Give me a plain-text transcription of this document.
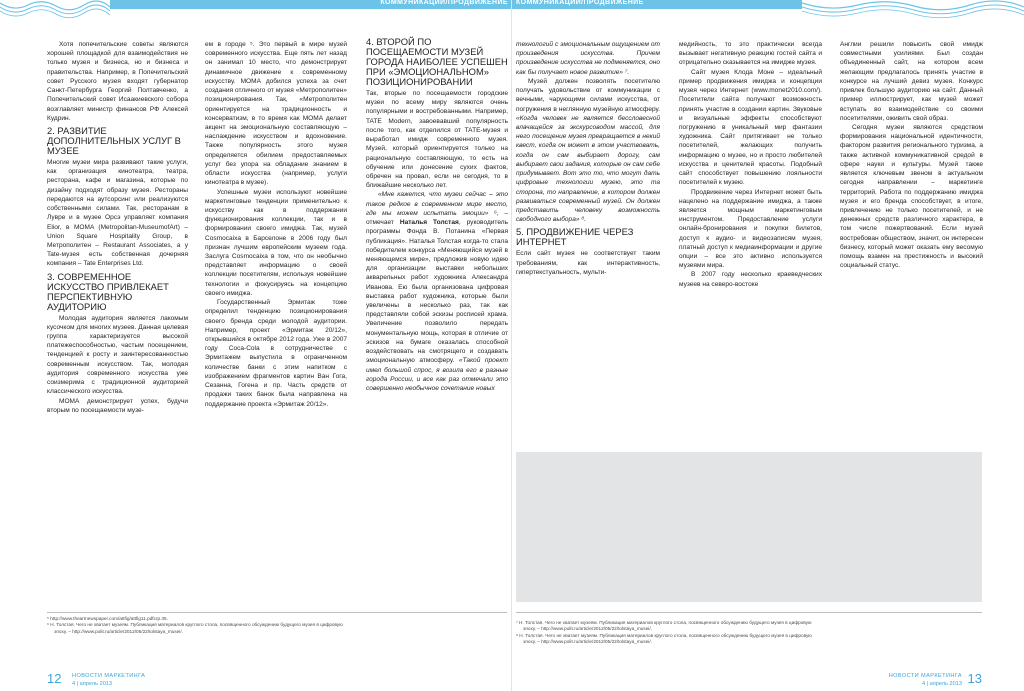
КОММУНИКАЦИИ/ПРОДВИЖЕНИЕ

Хотя попечительские советы являются хорошей площадкой для взаимодействия не только музея и бизнеса, но и бизнеса и правительства. Например, в Попечительский совет Русского музея входят губернатор Санкт-Петербурга Георгий Полтавченко, а Попечительский совет Исаакиевского собора возглавляет министр финансов РФ Алексей Кудрин.

2. РАЗВИТИЕ ДОПОЛНИТЕЛЬНЫХ УСЛУГ В МУЗЕЕ

Многие музеи мира развивают такие услуги, как организация кинотеатра, театра, ресторана, кафе и магазина, которые по дизайну подходят образу музея. Рестораны передаются на аутсорсинг или реализуются собственными силами. Так, ресторанам в Лувре и в музее Орсэ управляет компания Elior, в MOMA (Metropolitan-MuseumofArt) – Union Square Hospitality Group, в Метрополитен – Restaurant Associates, а у Tate-музея есть собственная дочерняя компания – Tate Enterprises Ltd.

3. СОВРЕМЕННОЕ ИСКУССТВО ПРИВЛЕКАЕТ ПЕРСПЕКТИВНУЮ АУДИТОРИЮ

Молодая аудитория является лакомым кусочком для многих музеев. Данная целевая группа характеризуется высокой платежеспособностью, частым посещением, тенденцией к росту и заинтересованностью современным искусством. Так, молодая аудитория современного искусства уже соизмерима с традиционной аудиторией классического искусства.

MOMA демонстрирует успех, будучи вторым по посещаемости музе-

ем в городе ⁵. Это первый в мире музей современного искусства. Еще пять лет назад он занимал 10 место, что демонстрирует динамичное движение к современному искусству. MOMA добился успеха за счет создания отличного от музея «Метрополитен» позиционирования. Так, «Метрополитен ориентируется на традиционность и консерватизм, в то время как MOMA делает акцент на эмоциональную составляющую – наслаждение искусством и вдохновение. Также популярность этого музея определяется обилием предоставляемых услуг без упора на обладание знанием в области искусства (например, услуги кинотеатра в музее).

Успешные музеи используют новейшие маркетинговые тенденции применительно к искусству как в поддержании функционирования коллекции, так и в формировании своего имиджа. Так, музей Cosmocaixa в Барселоне в 2006 году был признан лучшим европейским музеем года. Заслуга Cosmocaixa в том, что он необычно представляет информацию о своей коллекции посетителям, используя новейшие технологии и фокусируясь на концепцию своего имиджа.

Государственный Эрмитаж тоже определил тенденцию позиционирования своего бренда среди молодой аудитории. Например, проект «Эрмитаж 20/12», открывшийся в октябре 2012 года. Уже в 2007 году Coca-Cola в сотрудничестве с Эрмитажем выпустила в ограниченном количестве банки с этим напитком с изображением фрагментов картин Ван Гога, Сезанна, Гогена и пр. Часть средств от продажи таких банок была направлена на поддержание проекта «Эрмитаж 20/12».

4. ВТОРОЙ ПО ПОСЕЩАЕМОСТИ МУЗЕЙ ГОРОДА НАИБОЛЕЕ УСПЕШЕН ПРИ «ЭМОЦИОНАЛЬНОМ» ПОЗИЦИОНИРОВАНИИ

Так, вторые по посещаемости городские музеи по всему миру являются очень популярными и востребованными. Например, TATE Modern, завоевавший популярность после того, как отделился от TATE-музея и выработал имидж современного музея. Музей, который ориентируется только на рациональную составляющую, то есть на обучение или донесение сухих фактов, обречен на провал, если не сегодня, то в ближайшие несколько лет.

«Мне кажется, что музеи сейчас – это такое редкое в современном мире место, где мы можем испытать эмоции» ⁶, – отмечает Наталья Толстая, руководитель программы Фонда В. Потанина «Первая публикация». Наталья Толстая когда-то стала победителем конкурса «Меняющийся музей в меняющемся мире», предложив новую идею для организации выставки небольших акварельных работ художника Александра Иванова. Ею была организована цифровая выставка работ художника, которые были увеличены в несколько раз, так как представляли собой эскизы росписей храма. Увеличение позволило передать монументальную мощь, которая в отличие от эскизов на бумаге оказалась способной воздействовать на смотрящего и создавать эмоциональную атмосферу. «Такой проект имел большой спрос, я возила его в разные города России, и все как раз отмечали это совершенно необычное сочетание новых

⁵ http://www.theartnewspaper.com/attfig/attfig11.pdfcrp.35.
⁶ Н. Толстая. Чего не хватает музеям. Публикация материалов круглого стола, посвященного обсуждению будущего музея в цифровую
эпоху. – http://www.polit.ru/article/2012/05/22/tolstaya_musei/.
12 НОВОСТИ МАРКЕТИНГА
4 | апрель 2013
КОММУНИКАЦИИ/ПРОДВИЖЕНИЕ

технологий с эмоциональным ощущением от произведения искусства. Причем произведение искусства не подменяется, оно как бы получает новое развитие» ⁷.

Музей должен позволять посетителю получать удовольствие от коммуникации с вечными, чарующими силами искусства, от погружения в неглянную музейную атмосферу. «Когда человек не является бессловесной влачащейся за экскурсоводом массой, для него посещение музея превращается в некий квест, когда он может в этом участвовать, когда он сам выбирает дорогу, сам выбирает свои задания, которые он сам себе придумывает. Вот это то, что могут дать цифровые технологии музею, это та сторона, то направление, в котором должен развиваться современный музей. Он должен представить человеку возможность свободного выбора» ⁸.

5. ПРОДВИЖЕНИЕ ЧЕРЕЗ ИНТЕРНЕТ

Если сайт музея не соответствует таким требованиям, как интерактивность, гипертекстуальность, мульти-

медийность, то это практически всегда вызывает негативную реакцию гостей сайта и отрицательно сказывается на имидже музея.

Сайт музея Клода Моне – идеальный пример продвижения имиджа и концепции музея через Интернет (www.monet2010.com/). Посетители сайта получают возможность принять участие в создании картин. Звуковые и визуальные эффекты способствуют погружению в уникальный мир фантазии художника. Сайт притягивает не только посетителей, желающих получить информацию о музее, но и просто любителей искусства и ценителей красоты. Подобный сайт способствует повышению лояльности посетителей к музею.

Продвижение через Интернет может быть нацелено на поддержание имиджа, а также является мощным маркетинговым инструментом. Предоставление услуги онлайн-бронирования и покупки билетов, доступ к аудио- и видеозаписям музея, платный доступ к медиаинформации и другие опции – все это активно используется музеями мира.

В 2007 году несколько краеведческих музеев на северо-востоке

Англии решили повысить свой имидж совместными усилиями. Был создан объединенный сайт, на котором всем желающим предлагалось принять участие в конкурсе на лучший девиз музея. Конкурс привлек большую аудиторию на сайт. Данный пример иллюстрирует, как музей может вступать во взаимодействие со своими посетителями, оживить свой образ.

Сегодня музеи являются средством формирования национальной идентичности, фактором развития регионального туризма, а также активной коммуникативной средой в сфере науки и культуры. Музей также является ключевым звеном в актуальном сегодня направлении – маркетинге территорий. Работа по поддержанию имиджа музея и его бренда способствует, в итоге, привлечению не только посетителей, и не денежных средств различного характера, в том числе пожертвований. Если музей востребован обществом, значит, он интересен бизнесу, который может оказать ему весомую помощь взамен на престижность и высокий социальный статус.

⁷ Н. Толстая. Чего не хватает музеям. Публикация материалов круглого стола, посвященного обсуждению будущего музея в цифровую
эпоху. – http://www.polit.ru/article/2012/05/22/tolstaya_musei/.
⁸ Н. Толстая. Чего не хватает музеям. Публикация материалов круглого стола, посвященного обсуждению будущего музея в цифровую
эпоху. – http://www.polit.ru/article/2012/05/22/tolstaya_musei/.
НОВОСТИ МАРКЕТИНГА
4 | апрель 2013 13
